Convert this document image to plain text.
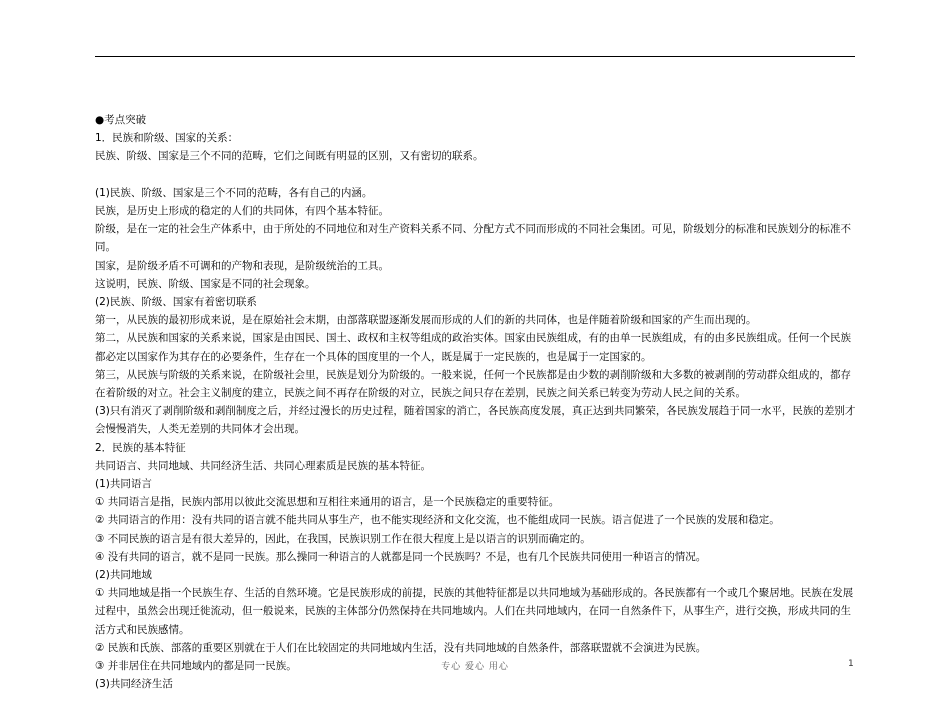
●考点突破

1．民族和阶级、国家的关系：

民族、阶级、国家是三个不同的范畴，它们之间既有明显的区别，又有密切的联系。

(1)民族、阶级、国家是三个不同的范畴，各有自己的内涵。

民族，是历史上形成的稳定的人们的共同体，有四个基本特征。

阶级，是在一定的社会生产体系中，由于所处的不同地位和对生产资料关系不同、分配方式不同而形成的不同社会集团。可见，阶级划分的标准和民族划分的标准不同。

国家，是阶级矛盾不可调和的产物和表现，是阶级统治的工具。

这说明，民族、阶级、国家是不同的社会现象。

(2)民族、阶级、国家有着密切联系

第一，从民族的最初形成来说，是在原始社会末期，由部落联盟逐渐发展而形成的人们的新的共同体，也是伴随着阶级和国家的产生而出现的。

第二，从民族和国家的关系来说，国家是由国民、国土、政权和主权等组成的政治实体。国家由民族组成，有的由单一民族组成，有的由多民族组成。任何一个民族都必定以国家作为其存在的必要条件，生存在一个具体的国度里的一个人，既是属于一定民族的，也是属于一定国家的。

第三，从民族与阶级的关系来说，在阶级社会里，民族是划分为阶级的。一般来说，任何一个民族都是由少数的剥削阶级和大多数的被剥削的劳动群众组成的，都存在着阶级的对立。社会主义制度的建立，民族之间不再存在阶级的对立，民族之间只存在差别，民族之间关系已转变为劳动人民之间的关系。

(3)只有消灭了剥削阶级和剥削制度之后，并经过漫长的历史过程，随着国家的消亡，各民族高度发展，真正达到共同繁荣，各民族发展趋于同一水平，民族的差别才会慢慢消失，人类无差别的共同体才会出现。

2．民族的基本特征

共同语言、共同地域、共同经济生活、共同心理素质是民族的基本特征。

(1)共同语言

① 共同语言是指，民族内部用以彼此交流思想和互相往来通用的语言，是一个民族稳定的重要特征。

② 共同语言的作用：没有共同的语言就不能共同从事生产，也不能实现经济和文化交流，也不能组成同一民族。语言促进了一个民族的发展和稳定。

③ 不同民族的语言是有很大差异的，因此，在我国，民族识别工作在很大程度上是以语言的识别而确定的。

④ 没有共同的语言，就不是同一民族。那么操同一种语言的人就都是同一个民族吗？不是，也有几个民族共同使用一种语言的情况。

(2)共同地域

① 共同地域是指一个民族生存、生活的自然环境。它是民族形成的前提，民族的其他特征都是以共同地域为基础形成的。各民族都有一个或几个聚居地。民族在发展过程中，虽然会出现迁徙流动，但一般说来，民族的主体部分仍然保持在共同地域内。人们在共同地域内，在同一自然条件下，从事生产，进行交换，形成共同的生活方式和民族感情。

② 民族和氏族、部落的重要区别就在于人们在比较固定的共同地域内生活，没有共同地域的自然条件，部落联盟就不会演进为民族。

③ 并非居住在共同地域内的都是同一民族。

(3)共同经济生活

专心 爱心 用心	1
